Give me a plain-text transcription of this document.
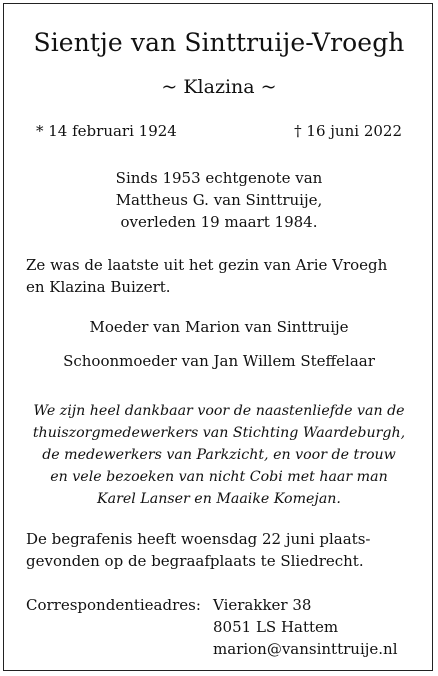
Sientje van Sinttruije-Vroegh
~ Klazina ~
* 14 februari 1924	† 16 juni 2022
Sinds 1953 echtgenote van
Mattheus G. van Sinttruije,
overleden 19 maart 1984.
Ze was de laatste uit het gezin van Arie Vroegh
en Klazina Buizert.
Moeder van Marion van Sinttruije
Schoonmoeder van Jan Willem Steffelaar
We zijn heel dankbaar voor de naastenliefde van de
thuiszorgmedewerkers van Stichting Waardeburgh,
de medewerkers van Parkzicht, en voor de trouw
en vele bezoeken van nicht Cobi met haar man
Karel Lanser en Maaike Komejan.
De begrafenis heeft woensdag 22 juni plaats-
gevonden op de begraafplaats te Sliedrecht.
Correspondentieadres: Vierakker 38
8051 LS Hattem
marion@vansinttruije.nl
